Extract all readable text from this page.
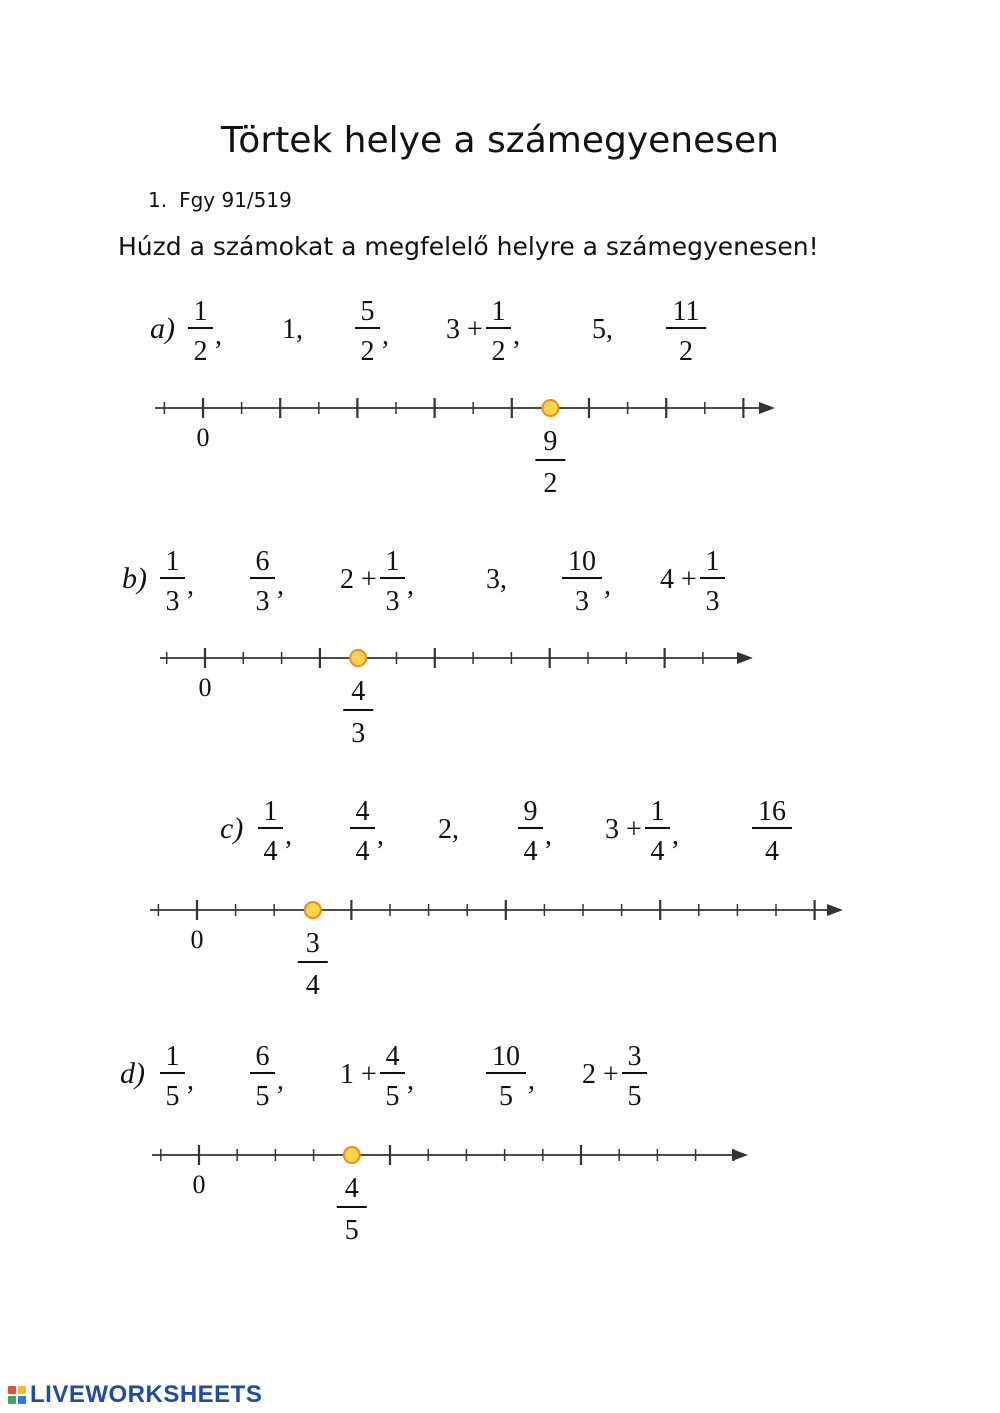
Törtek helye a számegyenesen
1. Fgy 91/519
Húzd a számokat a megfelelő helyre a számegyenesen!
a)
1
2
, 1,
5
2
, 3 +
1
2
,	5,
11
2
0	9
2
b)
1
3
,
6
3
, 2 +
1
3
,	3,
10
3
, 4 +
1
3
0	4
3
c)
1
4
,
4
4
, 2,
9
4
, 3 +
1
4
,
16
4
0	3
4
d)
1
5
,
6
5
, 1 +
4
5
,
10
5
, 2 +
3
5
0	4
5
LIVEWORKSHEETS
